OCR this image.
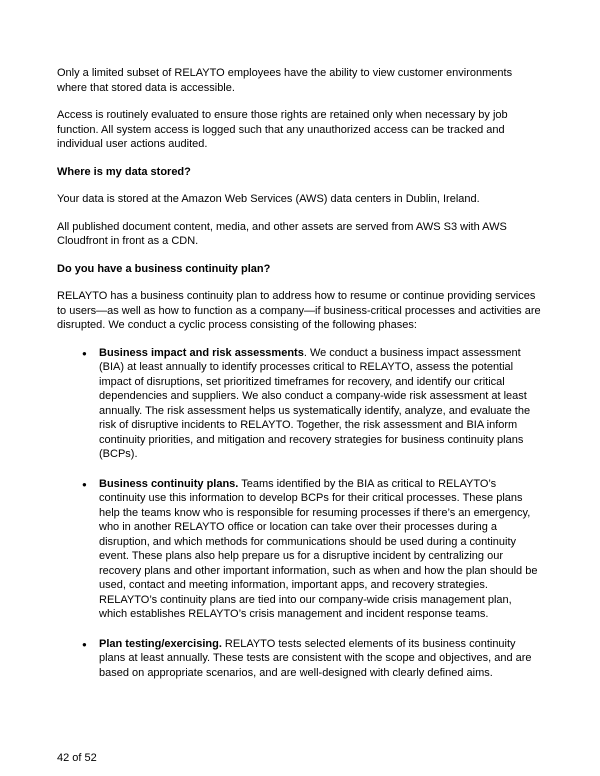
Only a limited subset of RELAYTO employees have the ability to view customer environments where that stored data is accessible.

Access is routinely evaluated to ensure those rights are retained only when necessary by job function. All system access is logged such that any unauthorized access can be tracked and individual user actions audited.

Where is my data stored?

Your data is stored at the Amazon Web Services (AWS) data centers in Dublin, Ireland.

All published document content, media, and other assets are served from AWS S3 with AWS Cloudfront in front as a CDN.

Do you have a business continuity plan?

RELAYTO has a business continuity plan to address how to resume or continue providing services to users—as well as how to function as a company—if business-critical processes and activities are disrupted. We conduct a cyclic process consisting of the following phases:

● Business impact and risk assessments. We conduct a business impact assessment (BIA) at least annually to identify processes critical to RELAYTO, assess the potential impact of disruptions, set prioritized timeframes for recovery, and identify our critical dependencies and suppliers. We also conduct a company-wide risk assessment at least annually. The risk assessment helps us systematically identify, analyze, and evaluate the risk of disruptive incidents to RELAYTO. Together, the risk assessment and BIA inform continuity priorities, and mitigation and recovery strategies for business continuity plans (BCPs).
● Business continuity plans. Teams identified by the BIA as critical to RELAYTO’s continuity use this information to develop BCPs for their critical processes. These plans help the teams know who is responsible for resuming processes if there’s an emergency, who in another RELAYTO office or location can take over their processes during a disruption, and which methods for communications should be used during a continuity event. These plans also help prepare us for a disruptive incident by centralizing our recovery plans and other important information, such as when and how the plan should be used, contact and meeting information, important apps, and recovery strategies. RELAYTO’s continuity plans are tied into our company-wide crisis management plan, which establishes RELAYTO’s crisis management and incident response teams.
● Plan testing/exercising. RELAYTO tests selected elements of its business continuity plans at least annually. These tests are consistent with the scope and objectives, and are based on appropriate scenarios, and are well-designed with clearly defined aims.
42 of 52
